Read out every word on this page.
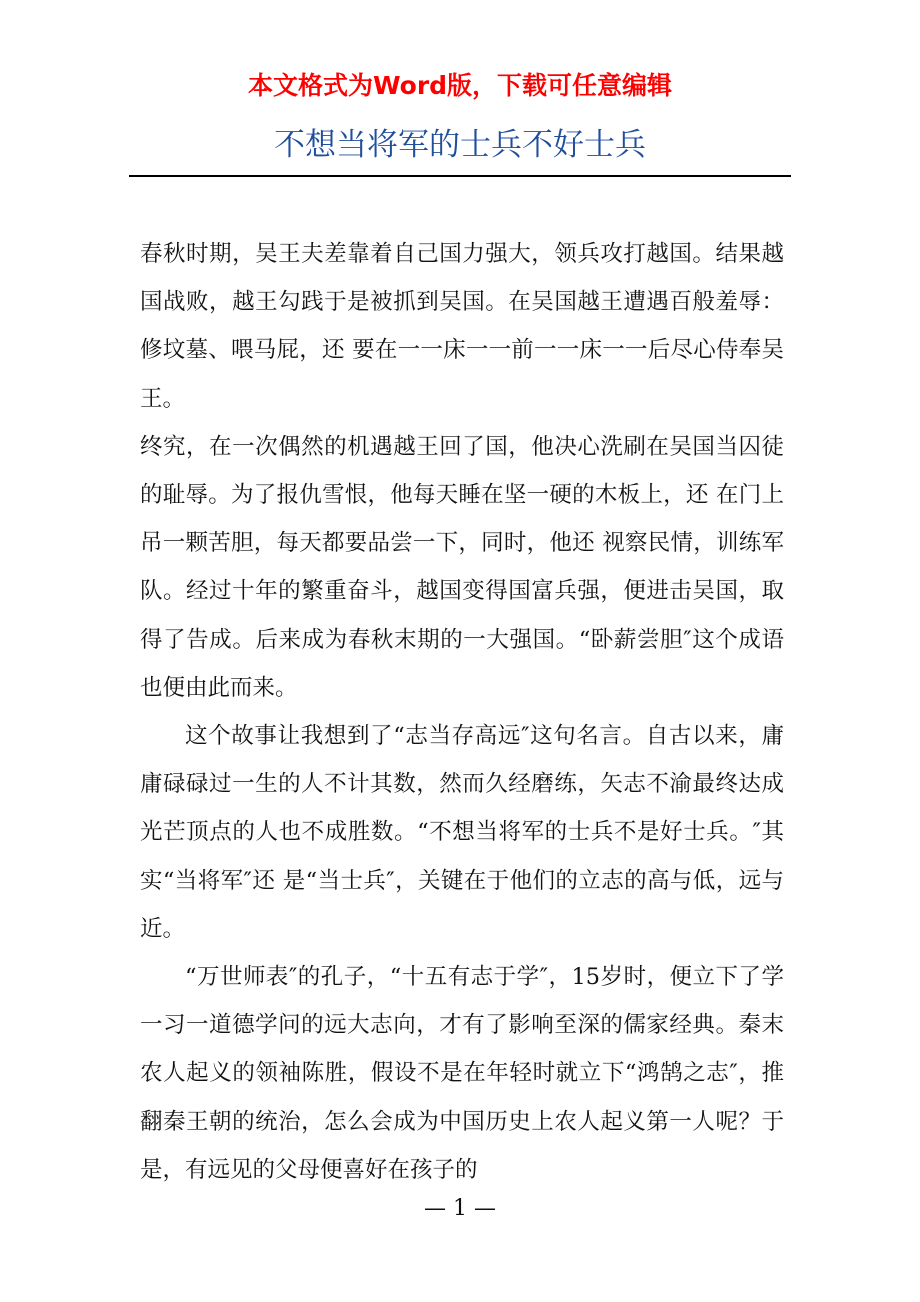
本文格式为Word版，下载可任意编辑
不想当将军的士兵不好士兵

春秋时期，吴王夫差靠着自己国力强大，领兵攻打越国。结果越国战败，越王勾践于是被抓到吴国。在吴国越王遭遇百般羞辱：修坟墓、喂马屁，还 要在一一床一一前一一床一一后尽心侍奉吴王。

终究，在一次偶然的机遇越王回了国，他决心洗刷在吴国当囚徒的耻辱。为了报仇雪恨，他每天睡在坚一硬的木板上，还 在门上吊一颗苦胆，每天都要品尝一下，同时，他还 视察民情，训练军队。经过十年的繁重奋斗，越国变得国富兵强，便进击吴国，取得了告成。后来成为春秋末期的一大强国。“卧薪尝胆″这个成语也便由此而来。

这个故事让我想到了“志当存高远″这句名言。自古以来，庸庸碌碌过一生的人不计其数，然而久经磨练，矢志不渝最终达成光芒顶点的人也不成胜数。“不想当将军的士兵不是好士兵。″其实“当将军″还 是“当士兵″，关键在于他们的立志的高与低，远与近。

“万世师表″的孔子，“十五有志于学″，15岁时，便立下了学一习一道德学问的远大志向，才有了影响至深的儒家经典。秦末农人起义的领袖陈胜，假设不是在年轻时就立下“鸿鹄之志″，推翻秦王朝的统治，怎么会成为中国历史上农人起义第一人呢？于是，有远见的父母便喜好在孩子的

— 1 —
